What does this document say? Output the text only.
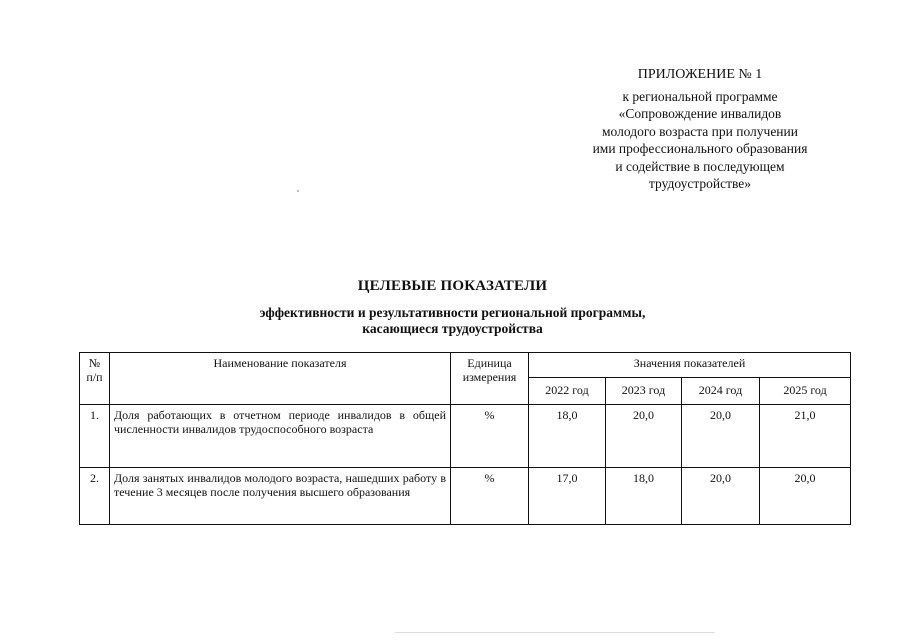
ПРИЛОЖЕНИЕ № 1
к региональной программе
«Сопровождение инвалидов
молодого возраста при получении
ими профессионального образования
и содействие в последующем
трудоустройстве»
ЦЕЛЕВЫЕ ПОКАЗАТЕЛИ
эффективности и результативности региональной программы,
касающиеся трудоустройства
№ п/п	Наименование показателя	Единица измерения	Значения показателей			
			2022 год	2023 год	2024 год	2025 год
1.	Доля работающих в отчетном периоде инвалидов в общей численности инвалидов трудоспособного возраста	%	18,0	20,0	20,0	21,0
2.	Доля занятых инвалидов молодого возраста, нашедших работу в течение 3 месяцев после получения высшего образования	%	17,0	18,0	20,0	20,0
